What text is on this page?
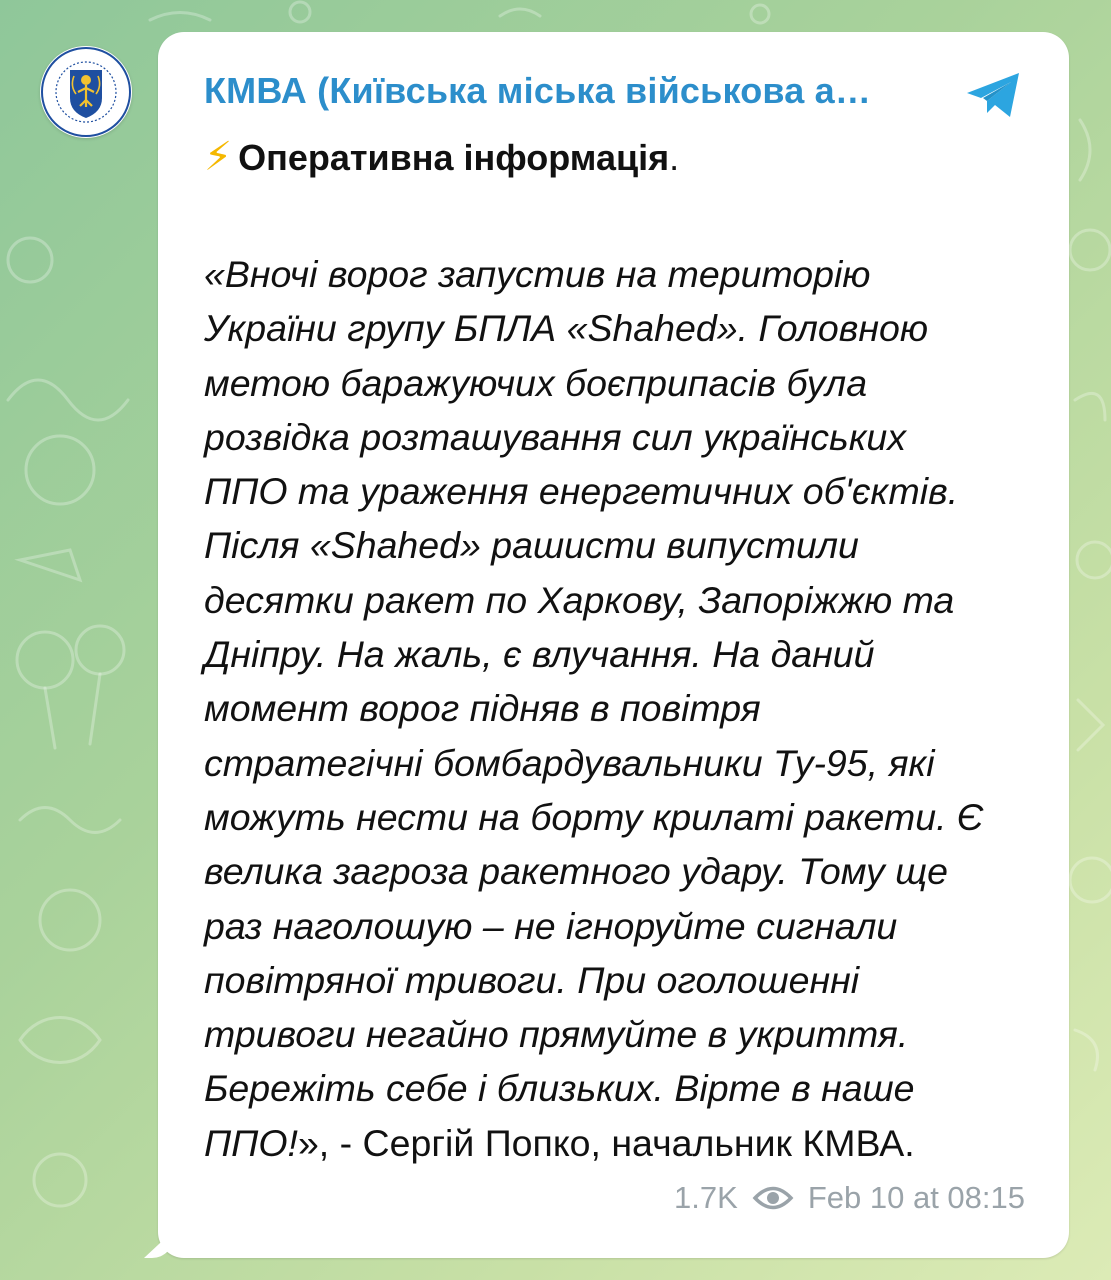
КМВА (Київська міська військова а…
⚡ Оперативна інформація.

«Вночі ворог запустив на територію

України групу БПЛА «Shahed». Головною

метою баражуючих боєприпасів була

розвідка розташування сил українських

ППО та ураження енергетичних об'єктів.

Після «Shahed» рашисти випустили

десятки ракет по Харкову, Запоріжжю та

Дніпру. На жаль, є влучання. На даний

момент ворог підняв в повітря

стратегічні бомбардувальники Ту-95, які

можуть нести на борту крилаті ракети. Є

велика загроза ракетного удару. Тому ще

раз наголошую – не ігноруйте сигнали

повітряної тривоги. При оголошенні

тривоги негайно прямуйте в укриття.

Бережіть себе і близьких. Вірте в наше

ППО!», - Сергій Попко, начальник КМВА.

1.7K Feb 10 at 08:15
